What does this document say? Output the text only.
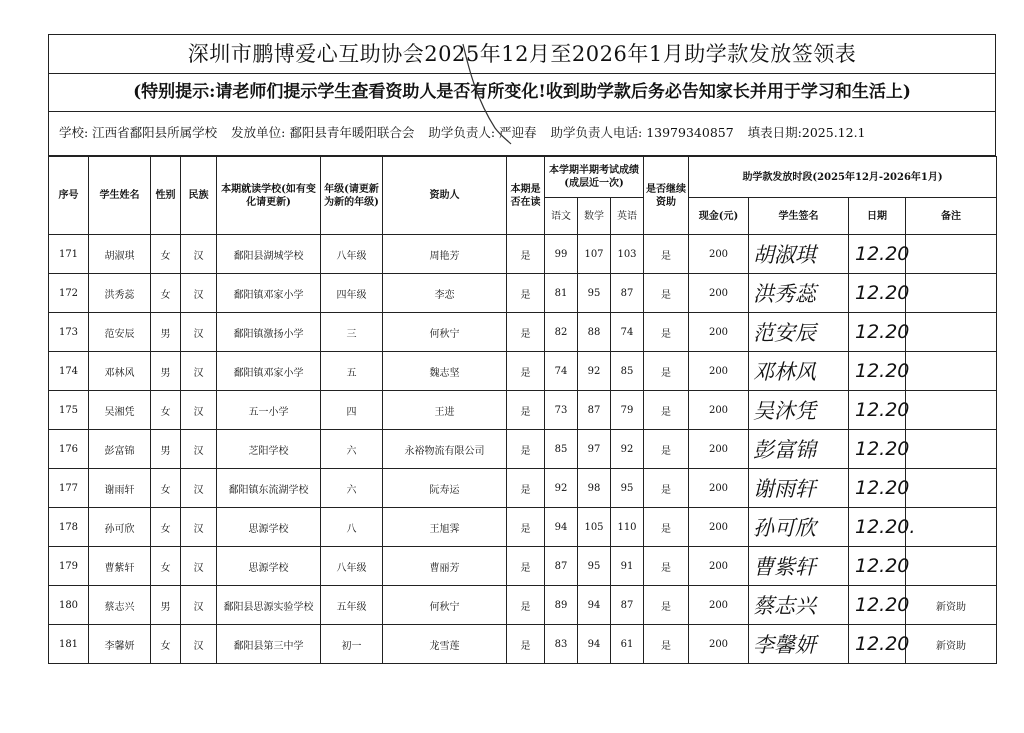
深圳市鹏博爱心互助协会2025年12月至2026年1月助学款发放签领表
(特别提示:请老师们提示学生查看资助人是否有所变化!收到助学款后务必告知家长并用于学习和生活上)
学校: 江西省鄱阳县所属学校 发放单位: 鄱阳县青年暖阳联合会 助学负责人: 严迎春 助学负责人电话: 13979340857 填表日期:2025.12.1
序号	学生姓名	性别	民族	本期就读学校(如有变化请更新)	年级(请更新为新的年级)	资助人	本期是否在读	本学期半期考试成绩(成层近一次)			是否继续资助	助学款发放时段(2025年12月-2026年1月)			
								语文	数学	英语		现金(元)	学生签名	日期	备注
171	胡淑琪	女	汉	鄱阳县湖城学校	八年级	周艳芳	是	99	107	103	是	200	胡淑琪	12.20	
172	洪秀蕊	女	汉	鄱阳镇邓家小学	四年级	李恋	是	81	95	87	是	200	洪秀蕊	12.20	
173	范安辰	男	汉	鄱阳镇激扬小学	三	何秋宁	是	82	88	74	是	200	范安辰	12.20	
174	邓林风	男	汉	鄱阳镇邓家小学	五	魏志坚	是	74	92	85	是	200	邓林风	12.20	
175	吴湘凭	女	汉	五一小学	四	王进	是	73	87	79	是	200	吴沐凭	12.20	
176	彭富锦	男	汉	芝阳学校	六	永裕物流有限公司	是	85	97	92	是	200	彭富锦	12.20	
177	谢雨轩	女	汉	鄱阳镇东流湖学校	六	阮寿运	是	92	98	95	是	200	谢雨轩	12.20	
178	孙可欣	女	汉	思源学校	八	王旭霁	是	94	105	110	是	200	孙可欣	12.20.	
179	曹紫轩	女	汉	思源学校	八年级	曹丽芳	是	87	95	91	是	200	曹紫轩	12.20	
180	蔡志兴	男	汉	鄱阳县思源实验学校	五年级	何秋宁	是	89	94	87	是	200	蔡志兴	12.20	新资助
181	李馨妍	女	汉	鄱阳县第三中学	初一	龙雪莲	是	83	94	61	是	200	李馨妍	12.20	新资助
